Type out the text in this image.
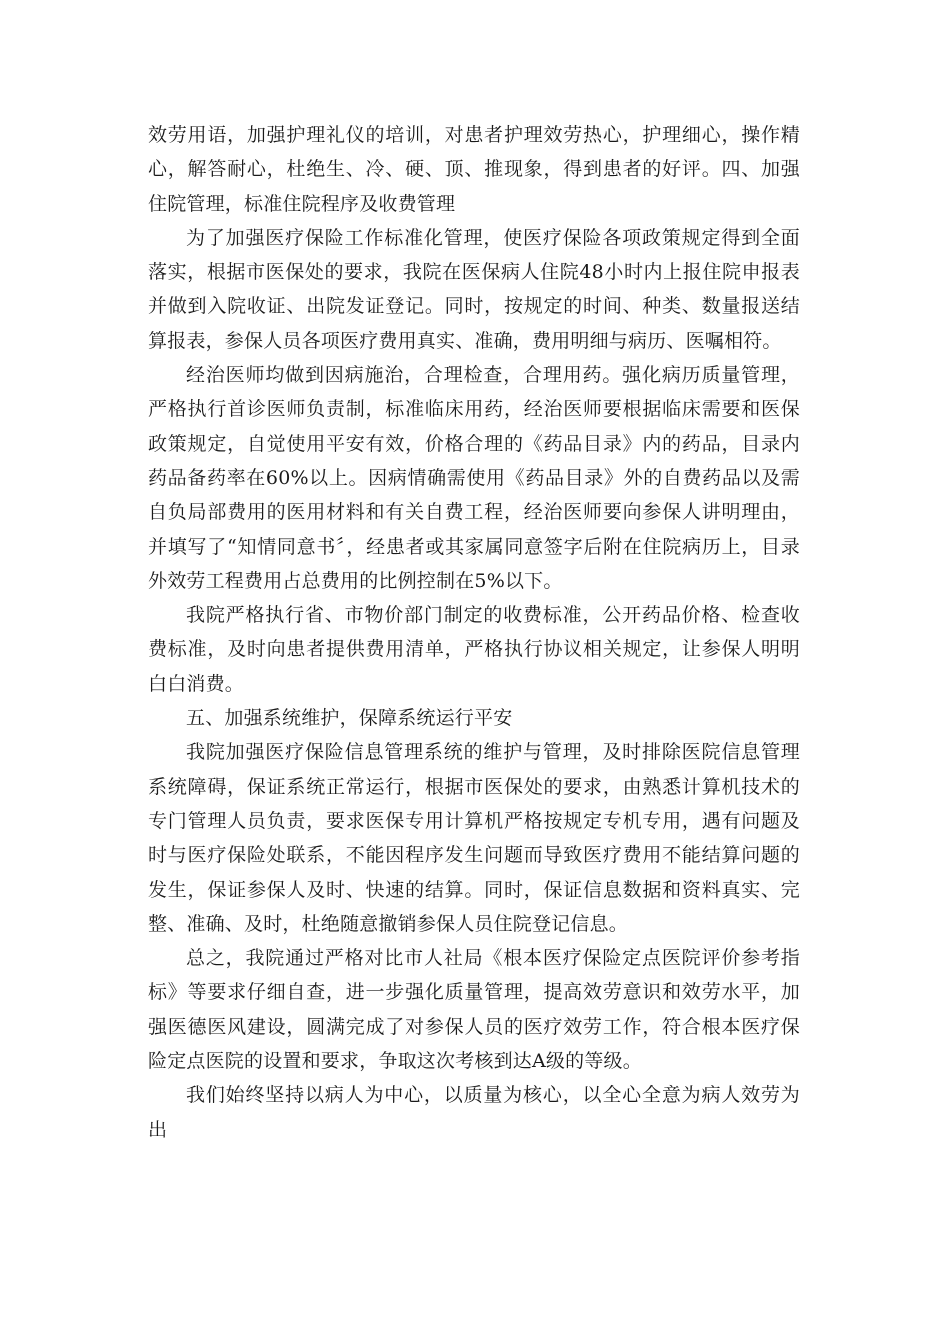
效劳用语，加强护理礼仪的培训，对患者护理效劳热心，护理细心，操作精心，解答耐心，杜绝生、冷、硬、顶、推现象，得到患者的好评。四、加强住院管理，标准住院程序及收费管理

为了加强医疗保险工作标准化管理，使医疗保险各项政策规定得到全面落实，根据市医保处的要求，我院在医保病人住院48小时内上报住院申报表并做到入院收证、出院发证登记。同时，按规定的时间、种类、数量报送结算报表，参保人员各项医疗费用真实、准确，费用明细与病历、医嘱相符。

经治医师均做到因病施治，合理检查，合理用药。强化病历质量管理，严格执行首诊医师负责制，标准临床用药，经治医师要根据临床需要和医保政策规定，自觉使用平安有效，价格合理的《药品目录》内的药品，目录内药品备药率在60%以上。因病情确需使用《药品目录》外的自费药品以及需自负局部费用的医用材料和有关自费工程，经治医师要向参保人讲明理由，并填写了“知情同意书〞，经患者或其家属同意签字后附在住院病历上，目录外效劳工程费用占总费用的比例控制在5%以下。

我院严格执行省、市物价部门制定的收费标准，公开药品价格、检查收费标准，及时向患者提供费用清单，严格执行协议相关规定，让参保人明明白白消费。

五、加强系统维护，保障系统运行平安

我院加强医疗保险信息管理系统的维护与管理，及时排除医院信息管理系统障碍，保证系统正常运行，根据市医保处的要求，由熟悉计算机技术的专门管理人员负责，要求医保专用计算机严格按规定专机专用，遇有问题及时与医疗保险处联系，不能因程序发生问题而导致医疗费用不能结算问题的发生，保证参保人及时、快速的结算。同时，保证信息数据和资料真实、完整、准确、及时，杜绝随意撤销参保人员住院登记信息。

总之，我院通过严格对比市人社局《根本医疗保险定点医院评价参考指标》等要求仔细自查，进一步强化质量管理，提高效劳意识和效劳水平，加强医德医风建设，圆满完成了对参保人员的医疗效劳工作，符合根本医疗保险定点医院的设置和要求，争取这次考核到达A级的等级。

我们始终坚持以病人为中心，以质量为核心，以全心全意为病人效劳为出
